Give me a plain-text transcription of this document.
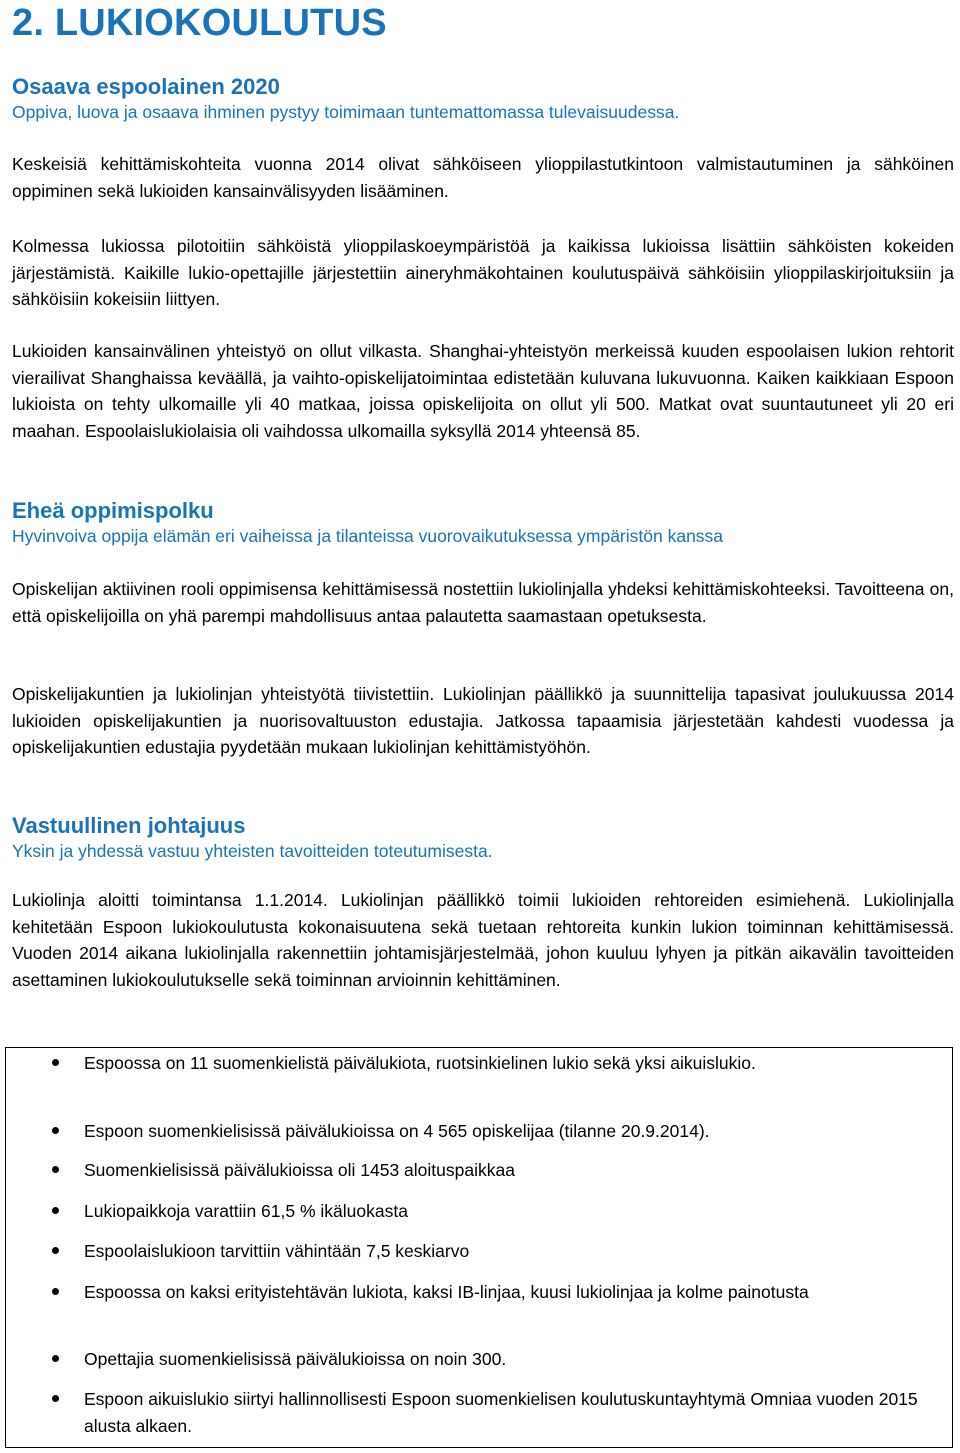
2. LUKIOKOULUTUS
Osaava espoolainen 2020
Oppiva, luova ja osaava ihminen pystyy toimimaan tuntemattomassa tulevaisuudessa.

Keskeisiä kehittämiskohteita vuonna 2014 olivat sähköiseen ylioppilastutkintoon valmistautuminen ja sähköinen oppiminen sekä lukioiden kansainvälisyyden lisääminen.

Kolmessa lukiossa pilotoitiin sähköistä ylioppilaskoeympäristöä ja kaikissa lukioissa lisättiin sähköisten kokeiden järjestämistä. Kaikille lukio-opettajille järjestettiin aineryhmäkohtainen koulutuspäivä sähköisiin ylioppilaskirjoituksiin ja sähköisiin kokeisiin liittyen.

Lukioiden kansainvälinen yhteistyö on ollut vilkasta. Shanghai-yhteistyön merkeissä kuuden espoolaisen lukion rehtorit vierailivat Shanghaissa keväällä, ja vaihto-opiskelijatoimintaa edistetään kuluvana lukuvuonna. Kaiken kaikkiaan Espoon lukioista on tehty ulkomaille yli 40 matkaa, joissa opiskelijoita on ollut yli 500. Matkat ovat suuntautuneet yli 20 eri maahan. Espoolaislukiolaisia oli vaihdossa ulkomailla syksyllä 2014 yhteensä 85.

Eheä oppimispolku
Hyvinvoiva oppija elämän eri vaiheissa ja tilanteissa vuorovaikutuksessa ympäristön kanssa

Opiskelijan aktiivinen rooli oppimisensa kehittämisessä nostettiin lukiolinjalla yhdeksi kehittämiskohteeksi. Tavoitteena on, että opiskelijoilla on yhä parempi mahdollisuus antaa palautetta saamastaan opetuksesta.

Opiskelijakuntien ja lukiolinjan yhteistyötä tiivistettiin. Lukiolinjan päällikkö ja suunnittelija tapasivat joulukuussa 2014 lukioiden opiskelijakuntien ja nuorisovaltuuston edustajia. Jatkossa tapaamisia järjestetään kahdesti vuodessa ja opiskelijakuntien edustajia pyydetään mukaan lukiolinjan kehittämistyöhön.

Vastuullinen johtajuus
Yksin ja yhdessä vastuu yhteisten tavoitteiden toteutumisesta.

Lukiolinja aloitti toimintansa 1.1.2014. Lukiolinjan päällikkö toimii lukioiden rehtoreiden esimiehenä. Lukiolinjalla kehitetään Espoon lukiokoulutusta kokonaisuutena sekä tuetaan rehtoreita kunkin lukion toiminnan kehittämisessä. Vuoden 2014 aikana lukiolinjalla rakennettiin johtamisjärjestelmää, johon kuuluu lyhyen ja pitkän aikavälin tavoitteiden asettaminen lukiokoulutukselle sekä toiminnan arvioinnin kehittäminen.

Espoossa on 11 suomenkielistä päivälukiota, ruotsinkielinen lukio sekä yksi aikuislukio.
Espoon suomenkielisissä päivälukioissa on 4 565 opiskelijaa (tilanne 20.9.2014).
Suomenkielisissä päivälukioissa oli 1453 aloituspaikkaa
Lukiopaikkoja varattiin 61,5 % ikäluokasta
Espoolaislukioon tarvittiin vähintään 7,5 keskiarvo
Espoossa on kaksi erityistehtävän lukiota, kaksi IB-linjaa, kuusi lukiolinjaa ja kolme painotusta
Opettajia suomenkielisissä päivälukioissa on noin 300.
Espoon aikuislukio siirtyi hallinnollisesti Espoon suomenkielisen koulutuskuntayhtymä Omniaa vuoden 2015 alusta alkaen.
